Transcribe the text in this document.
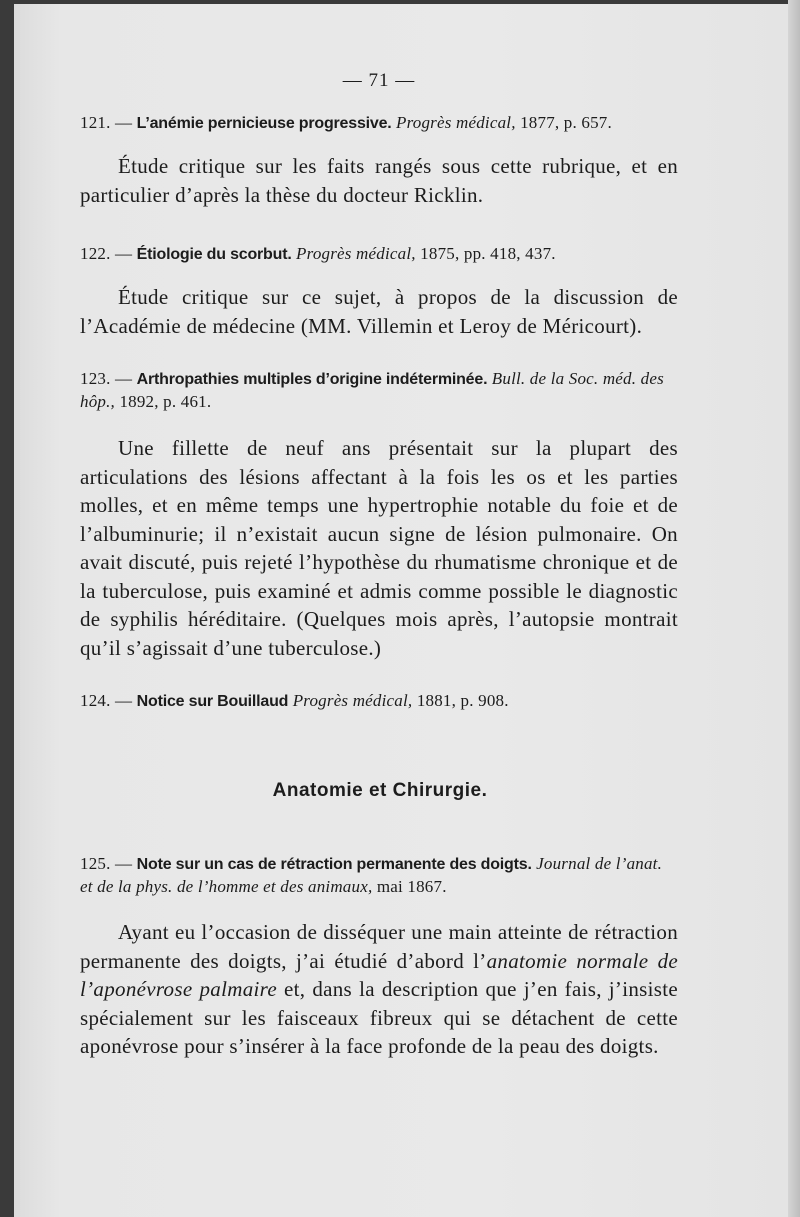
— 71 —
121. — L’anémie pernicieuse progressive. Progrès médical, 1877, p. 657.
Étude critique sur les faits rangés sous cette rubrique, et en particulier d’après la thèse du docteur Ricklin.
122. — Étiologie du scorbut. Progrès médical, 1875, pp. 418, 437.
Étude critique sur ce sujet, à propos de la discussion de l’Académie de médecine (MM. Villemin et Leroy de Méricourt).
123. — Arthropathies multiples d’origine indéterminée. Bull. de la Soc. méd. des hôp., 1892, p. 461.
Une fillette de neuf ans présentait sur la plupart des articulations des lésions affectant à la fois les os et les parties molles, et en même temps une hypertrophie notable du foie et de l’albuminurie; il n’existait aucun signe de lésion pulmonaire. On avait discuté, puis rejeté l’hypothèse du rhumatisme chronique et de la tuberculose, puis examiné et admis comme possible le diagnostic de syphilis héréditaire. (Quelques mois après, l’autopsie montrait qu’il s’agissait d’une tuberculose.)
124. — Notice sur Bouillaud Progrès médical, 1881, p. 908.
Anatomie et Chirurgie.
125. — Note sur un cas de rétraction permanente des doigts. Journal de l’anat. et de la phys. de l’homme et des animaux, mai 1867.
Ayant eu l’occasion de disséquer une main atteinte de rétraction permanente des doigts, j’ai étudié d’abord l’anatomie normale de l’aponévrose palmaire et, dans la description que j’en fais, j’insiste spécialement sur les faisceaux fibreux qui se détachent de cette aponévrose pour s’insérer à la face profonde de la peau des doigts.
